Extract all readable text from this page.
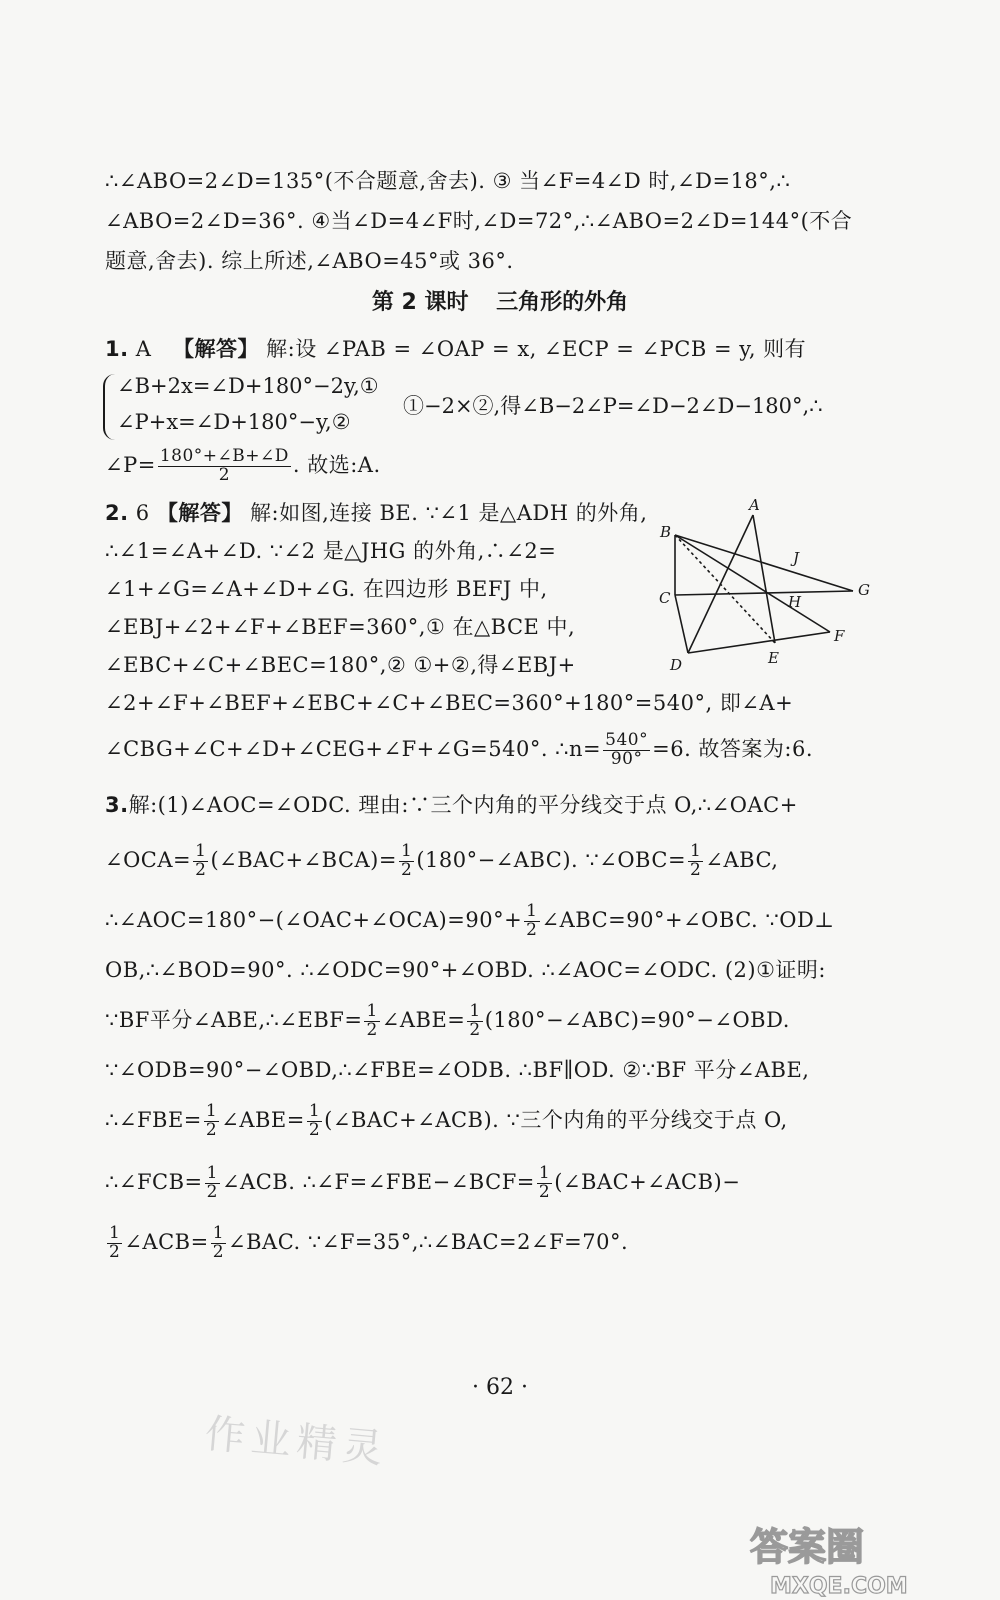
∴∠ABO=2∠D=135°(不合题意,舍去). ③ 当∠F=4∠D 时,∠D=18°,∴
∠ABO=2∠D=36°. ④当∠D=4∠F时,∠D=72°,∴∠ABO=2∠D=144°(不合
题意,舍去). 综上所述,∠ABO=45°或 36°.
第 2 课时 三角形的外角
1. A 【解答】 解:设 ∠PAB = ∠OAP = x, ∠ECP = ∠PCB = y, 则有
∠B+2x=∠D+180°−2y,①
∠P+x=∠D+180°−y,②
①−2×②,得∠B−2∠P=∠D−2∠D−180°,∴
∠P= $\frac{180^\circ+\angle B+\angle D}{2}$ . 故选:A.
2. 6 【解答】 解:如图,连接 BE. ∵∠1 是△ADH 的外角,
∴∠1=∠A+∠D. ∵∠2 是△JHG 的外角,∴∠2=
∠1+∠G=∠A+∠D+∠G. 在四边形 BEFJ 中,
∠EBJ+∠2+∠F+∠BEF=360°,① 在△BCE 中,
∠EBC+∠C+∠BEC=180°,② ①+②,得∠EBJ+
∠2+∠F+∠BEF+∠EBC+∠C+∠BEC=360°+180°=540°, 即∠A+
∠CBG+∠C+∠D+∠CEG+∠F+∠G=540°. ∴n= $\frac{540^\circ}{90^\circ} =6$. 故答案为:6.
A
B
C
D	E
F
G
H
J
3.解:(1)∠AOC=∠ODC. 理由:∵三个内角的平分线交于点 O,∴∠OAC+
∠OCA= $\frac{1}{2}$ (∠BAC+∠BCA)= $\frac{1}{2}$ (180°−∠ABC). ∵∠OBC= $\frac{1}{2}$ ∠ABC,
∴∠AOC=180°−(∠OAC+∠OCA)=90°+ $\frac{1}{2}$ ∠ABC=90°+∠OBC. ∵OD⊥
OB,∴∠BOD=90°. ∴∠ODC=90°+∠OBD. ∴∠AOC=∠ODC. (2)①证明:
∵BF平分∠ABE,∴∠EBF= $\frac{1}{2}$ ∠ABE= $\frac{1}{2}$ (180°−∠ABC)=90°−∠OBD.
∵∠ODB=90°−∠OBD,∴∠FBE=∠ODB. ∴BF∥OD. ②∵BF 平分∠ABE,
∴∠FBE= $\frac{1}{2}$ ∠ABE= $\frac{1}{2}$ (∠BAC+∠ACB). ∵三个内角的平分线交于点 O,
∴∠FCB= $\frac{1}{2}$ ∠ACB. ∴∠F=∠FBE−∠BCF= $\frac{1}{2}$ (∠BAC+∠ACB)−
$\frac{1}{2}$ ∠ACB= $\frac{1}{2}$ ∠BAC. ∵∠F=35°,∴∠BAC=2∠F=70°.
· 62 ·
作业精灵
答案圈
MXQE.COM
